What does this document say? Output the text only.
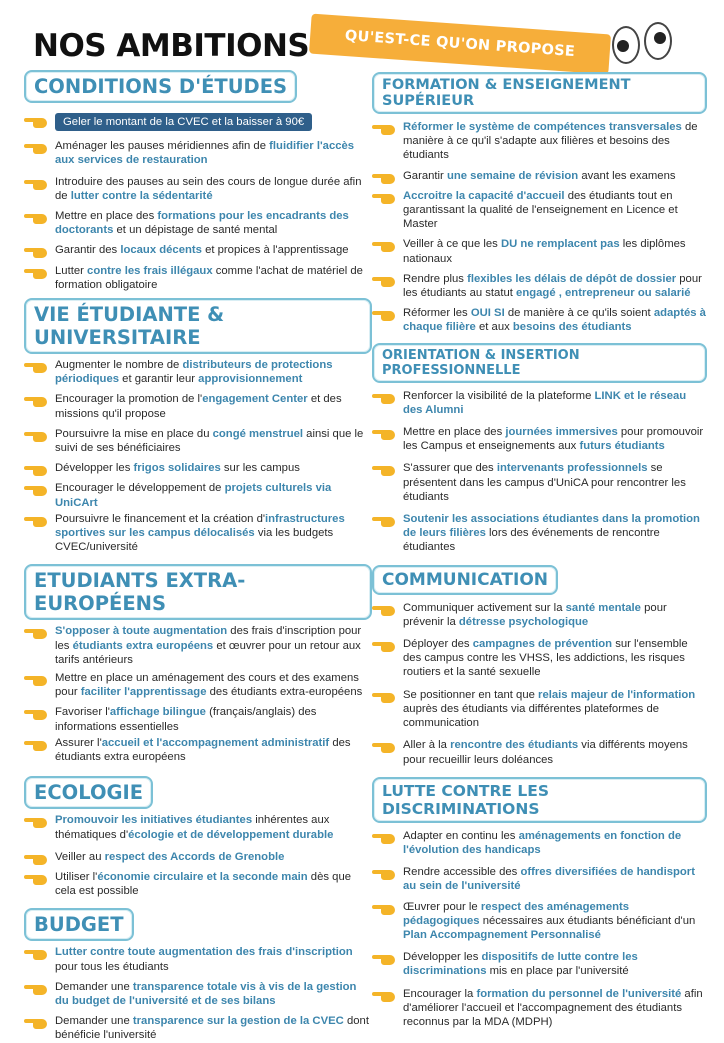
NOS AMBITIONS	QU'EST-CE QU'ON PROPOSE
CONDITIONS D'ÉTUDES
Geler le montant de la CVEC et la baisser à 90€
Aménager les pauses méridiennes afin de fluidifier l'accès aux services de restauration
Introduire des pauses au sein des cours de longue durée afin de lutter contre la sédentarité
Mettre en place des formations pour les encadrants des doctorants et un dépistage de santé mental
Garantir des locaux décents et propices à l'apprentissage
Lutter contre les frais illégaux comme l'achat de matériel de formation obligatoire
VIE ÉTUDIANTE & UNIVERSITAIRE
Augmenter le nombre de distributeurs de protections périodiques et garantir leur approvisionnement
Encourager la promotion de l'engagement Center et des missions qu'il propose
Poursuivre la mise en place du congé menstruel ainsi que le suivi de ses bénéficiaires
Développer les frigos solidaires sur les campus
Encourager le développement de projets culturels via UniCArt
Poursuivre le financement et la création d'infrastructures sportives sur les campus délocalisés via les budgets CVEC/université
ETUDIANTS EXTRA-EUROPÉENS
S'opposer à toute augmentation des frais d'inscription pour les étudiants extra européens et œuvrer pour un retour aux tarifs antérieurs
Mettre en place un aménagement des cours et des examens pour faciliter l'apprentissage des étudiants extra-européens
Favoriser l'affichage bilingue (français/anglais) des informations essentielles
Assurer l'accueil et l'accompagnement administratif des étudiants extra européens
ECOLOGIE
Promouvoir les initiatives étudiantes inhérentes aux thématiques d'écologie et de développement durable
Veiller au respect des Accords de Grenoble
Utiliser l'économie circulaire et la seconde main dès que cela est possible
BUDGET
Lutter contre toute augmentation des frais d'inscription pour tous les étudiants
Demander une transparence totale vis à vis de la gestion du budget de l'université et de ses bilans
Demander une transparence sur la gestion de la CVEC dont bénéficie l'université
FORMATION & ENSEIGNEMENT SUPÉRIEUR
Réformer le système de compétences transversales de manière à ce qu'il s'adapte aux filières et besoins des étudiants
Garantir une semaine de révision avant les examens
Accroitre la capacité d'accueil des étudiants tout en garantissant la qualité de l'enseignement en Licence et Master
Veiller à ce que les DU ne remplacent pas les diplômes nationaux
Rendre plus flexibles les délais de dépôt de dossier pour les étudiants au statut engagé , entrepreneur ou salarié
Réformer les OUI SI de manière à ce qu'ils soient adaptés à chaque filière et aux besoins des étudiants
ORIENTATION & INSERTION PROFESSIONNELLE
Renforcer la visibilité de la plateforme LINK et le réseau des Alumni
Mettre en place des journées immersives pour promouvoir les Campus et enseignements aux futurs étudiants
S'assurer que des intervenants professionnels se présentent dans les campus d'UniCA pour rencontrer les étudiants
Soutenir les associations étudiantes dans la promotion de leurs filières lors des événements de rencontre étudiantes
COMMUNICATION
Communiquer activement sur la santé mentale pour prévenir la détresse psychologique
Déployer des campagnes de prévention sur l'ensemble des campus contre les VHSS, les addictions, les risques routiers et la santé sexuelle
Se positionner en tant que relais majeur de l'information auprès des étudiants via différentes plateformes de communication
Aller à la rencontre des étudiants via différents moyens pour recueillir leurs doléances
LUTTE CONTRE LES DISCRIMINATIONS
Adapter en continu les aménagements en fonction de l'évolution des handicaps
Rendre accessible des offres diversifiées de handisport au sein de l'université
Œuvrer pour le respect des aménagements pédagogiques nécessaires aux étudiants bénéficiant d'un Plan Accompagnement Personnalisé
Développer les dispositifs de lutte contre les discriminations mis en place par l'université
Encourager la formation du personnel de l'université afin d'améliorer l'accueil et l'accompagnement des étudiants reconnus par la MDA (MDPH)
